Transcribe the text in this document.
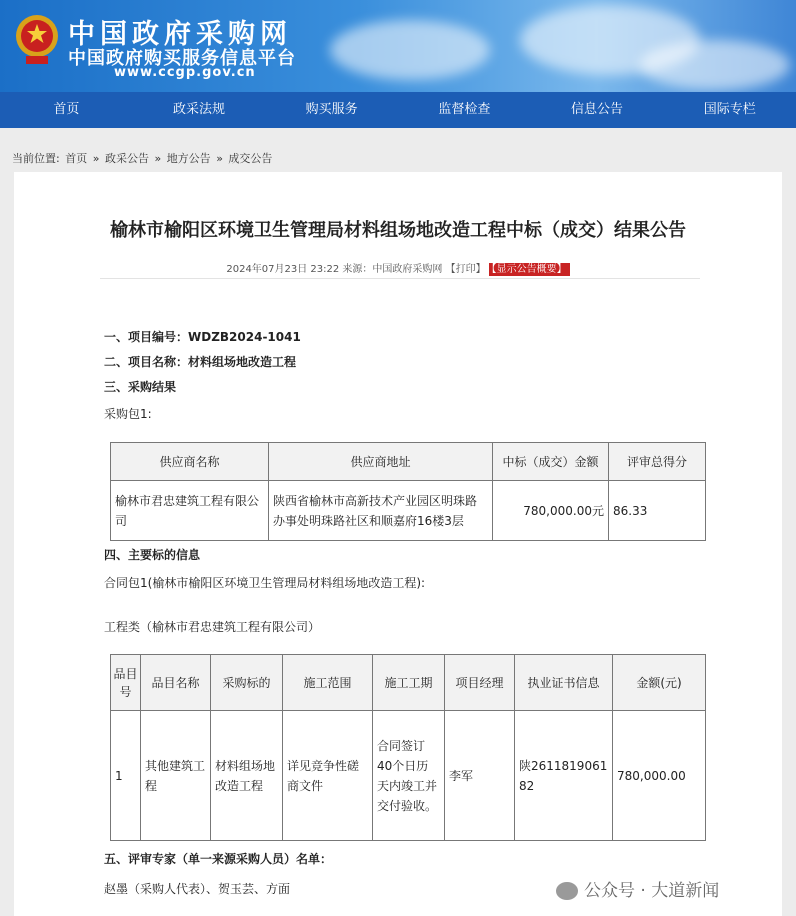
中国政府采购网
中国政府购买服务信息平台
www.ccgp.gov.cn
首页	政采法规	购买服务	监督检查	信息公告	国际专栏
当前位置: 首页 » 政采公告 » 地方公告 » 成交公告
榆林市榆阳区环境卫生管理局材料组场地改造工程中标（成交）结果公告
2024年07月23日 23:22 来源：中国政府采购网 【打印】 【显示公告概要】
一、项目编号：WDZB2024-1041
二、项目名称：材料组场地改造工程
三、采购结果
采购包1:
供应商名称	供应商地址	中标（成交）金额	评审总得分
榆林市君忠建筑工程有限公司	陕西省榆林市高新技术产业园区明珠路办事处明珠路社区和顺嘉府16楼3层	780,000.00元	86.33
四、主要标的信息
合同包1(榆林市榆阳区环境卫生管理局材料组场地改造工程):
工程类（榆林市君忠建筑工程有限公司）
品目号	品目名称	采购标的	施工范围	施工工期	项目经理	执业证书信息	金额(元)
1	其他建筑工程	材料组场地改造工程	详见竞争性磋商文件	合同签订40个日历天内竣工并交付验收。	李军	陕261181906182	780,000.00
五、评审专家（单一来源采购人员）名单：
赵墨（采购人代表）、贺玉芸、方面	公众号 · 大道新闻
